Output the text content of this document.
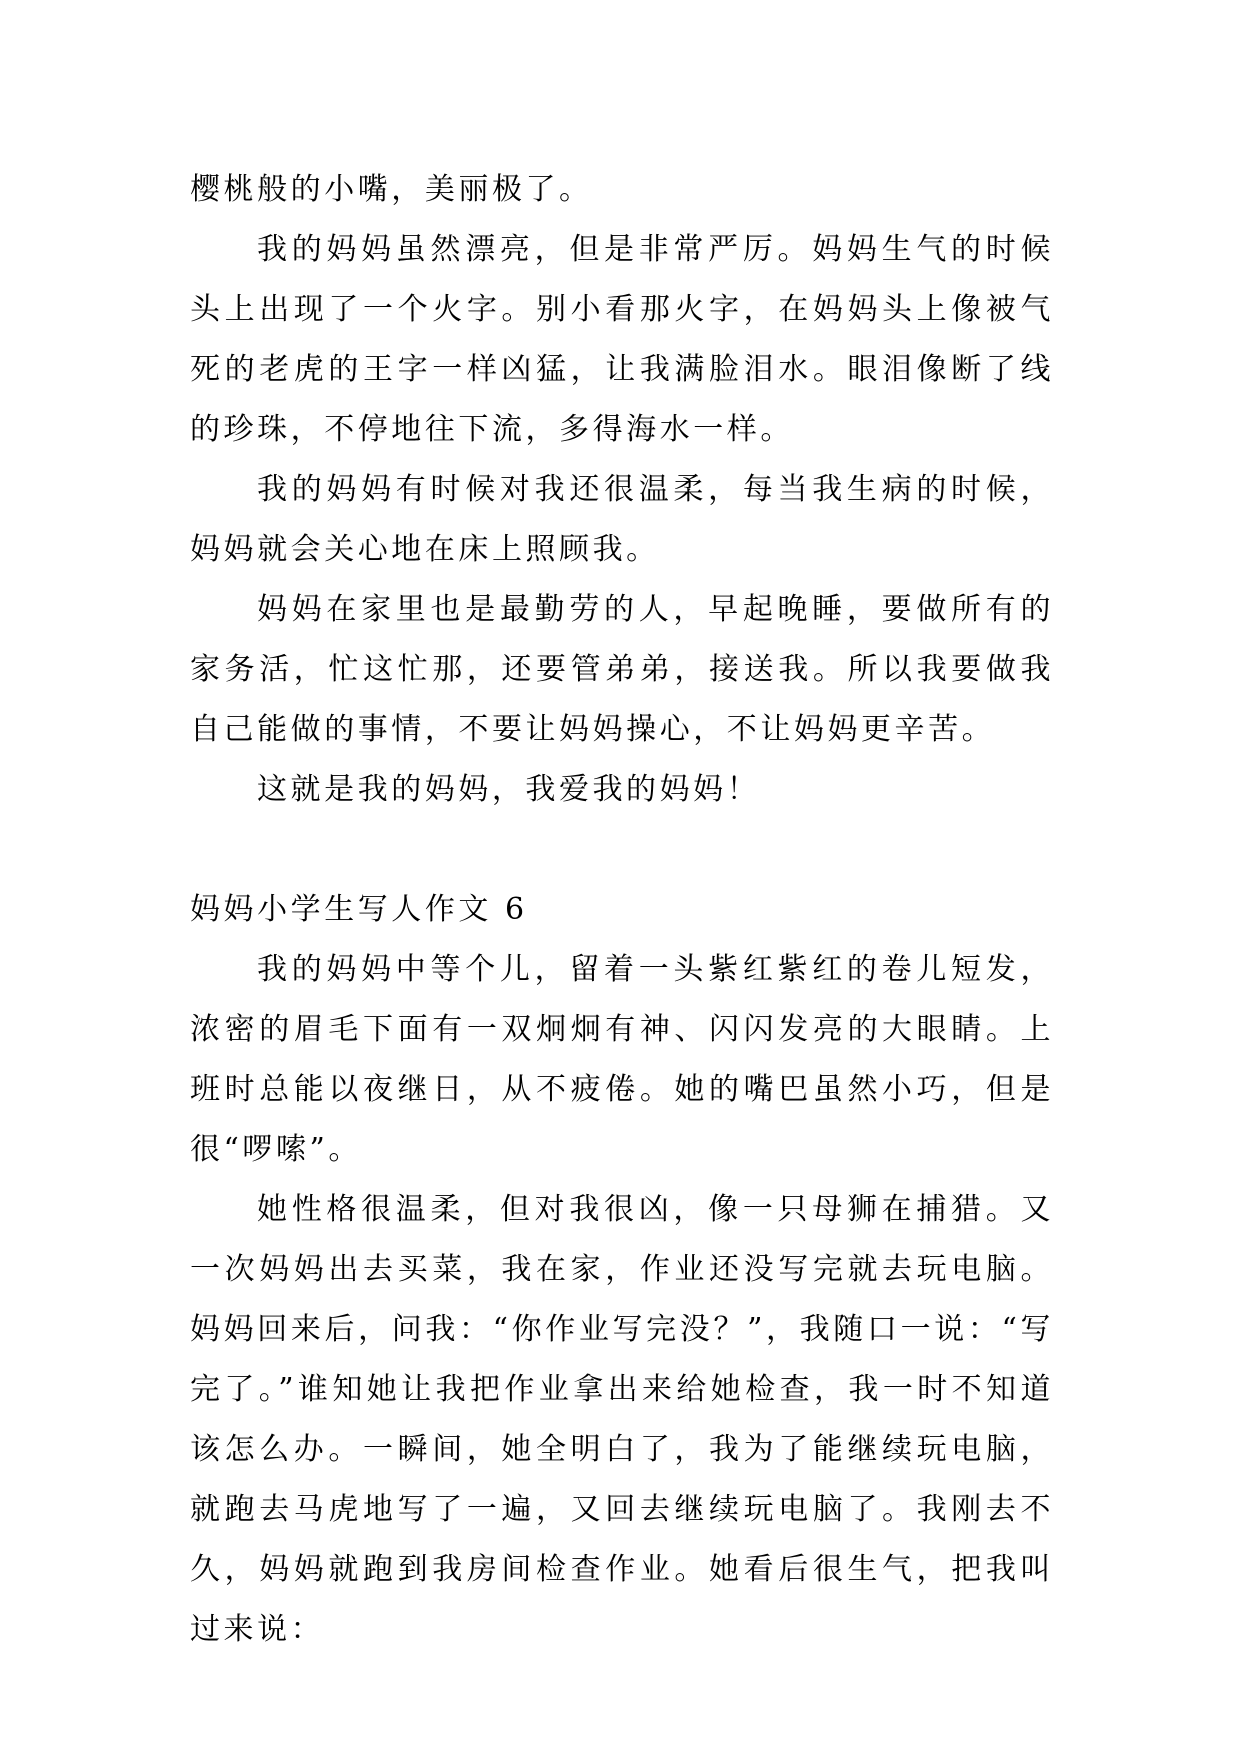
樱桃般的小嘴，美丽极了。

我的妈妈虽然漂亮，但是非常严厉。妈妈生气的时候头上出现了一个火字。别小看那火字，在妈妈头上像被气死的老虎的王字一样凶猛，让我满脸泪水。眼泪像断了线的珍珠，不停地往下流，多得海水一样。

我的妈妈有时候对我还很温柔，每当我生病的时候，妈妈就会关心地在床上照顾我。

妈妈在家里也是最勤劳的人，早起晚睡，要做所有的家务活，忙这忙那，还要管弟弟，接送我。所以我要做我自己能做的事情，不要让妈妈操心，不让妈妈更辛苦。

这就是我的妈妈，我爱我的妈妈！

妈妈小学生写人作文 6

我的妈妈中等个儿，留着一头紫红紫红的卷儿短发，浓密的眉毛下面有一双炯炯有神、闪闪发亮的大眼睛。上班时总能以夜继日，从不疲倦。她的嘴巴虽然小巧，但是很“啰嗦”。

她性格很温柔，但对我很凶，像一只母狮在捕猎。又一次妈妈出去买菜，我在家，作业还没写完就去玩电脑。妈妈回来后，问我：“你作业写完没？”，我随口一说：“写完了。”谁知她让我把作业拿出来给她检查，我一时不知道该怎么办。一瞬间，她全明白了，我为了能继续玩电脑，就跑去马虎地写了一遍，又回去继续玩电脑了。我刚去不久，妈妈就跑到我房间检查作业。她看后很生气，把我叫过来说：
